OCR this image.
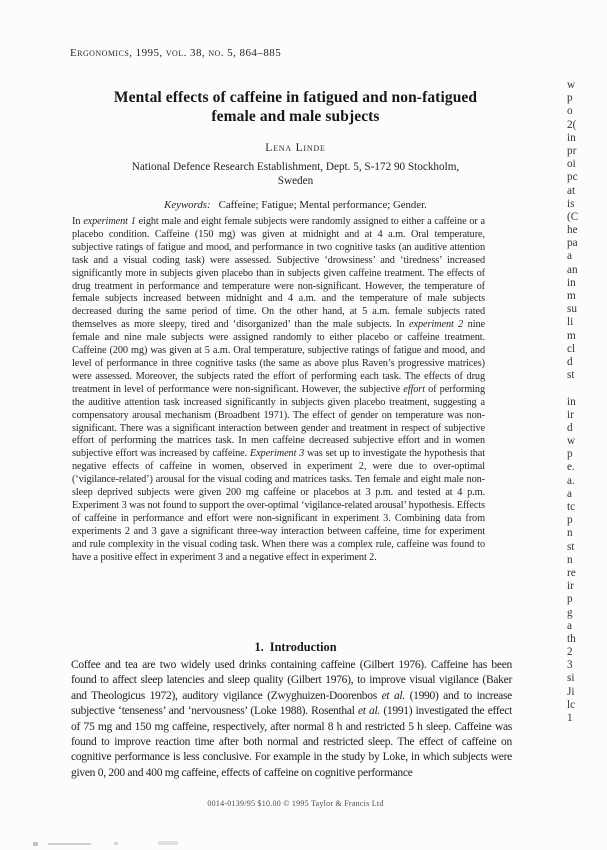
Ergonomics, 1995, vol. 38, no. 5, 864–885
Mental effects of caffeine in fatigued and non-fatigued
female and male subjects
Lena Linde
National Defence Research Establishment, Dept. 5, S-172 90 Stockholm,
Sweden
Keywords:   Caffeine; Fatigue; Mental performance; Gender.
In experiment 1 eight male and eight female subjects were randomly assigned to either a caffeine or a placebo condition. Caffeine (150 mg) was given at midnight and at 4 a.m. Oral temperature, subjective ratings of fatigue and mood, and performance in two cognitive tasks (an auditive attention task and a visual coding task) were assessed. Subjective ‘drowsiness’ and ‘tiredness’ increased significantly more in subjects given placebo than in subjects given caffeine treatment. The effects of drug treatment in performance and temperature were non-significant. However, the temperature of female subjects increased between midnight and 4 a.m. and the temperature of male subjects decreased during the same period of time. On the other hand, at 5 a.m. female subjects rated themselves as more sleepy, tired and ‘disorganized’ than the male subjects. In experiment 2 nine female and nine male subjects were assigned randomly to either placebo or caffeine treatment. Caffeine (200 mg) was given at 5 a.m. Oral temperature, subjective ratings of fatigue and mood, and level of performance in three cognitive tasks (the same as above plus Raven’s progressive matrices) were assessed. Moreover, the subjects rated the effort of performing each task. The effects of drug treatment in level of performance were non-significant. However, the subjective effort of performing the auditive attention task increased significantly in subjects given placebo treatment, suggesting a compensatory arousal mechanism (Broadbent 1971). The effect of gender on temperature was non-significant. There was a significant interaction between gender and treatment in respect of subjective effort of performing the matrices task. In men caffeine decreased subjective effort and in women subjective effort was increased by caffeine. Experiment 3 was set up to investigate the hypothesis that negative effects of caffeine in women, observed in experiment 2, were due to over-optimal (‘vigilance-related’) arousal for the visual coding and matrices tasks. Ten female and eight male non-sleep deprived subjects were given 200 mg caffeine or placebos at 3 p.m. and tested at 4 p.m. Experiment 3 was not found to support the over-optimal ‘vigilance-related arousal’ hypothesis. Effects of caffeine in performance and effort were non-significant in experiment 3. Combining data from experiments 2 and 3 gave a significant three-way interaction between caffeine, time for experiment and rule complexity in the visual coding task. When there was a complex rule, caffeine was found to have a positive effect in experiment 3 and a negative effect in experiment 2.
1.  Introduction
Coffee and tea are two widely used drinks containing caffeine (Gilbert 1976). Caffeine has been found to affect sleep latencies and sleep quality (Gilbert 1976), to improve visual vigilance (Baker and Theologicus 1972), auditory vigilance (Zwyghuizen-Doorenbos et al. (1990) and to increase subjective ‘tenseness’ and ‘nervousness’ (Loke 1988). Rosenthal et al. (1991) investigated the effect of 75 mg and 150 mg caffeine, respectively, after normal 8 h and restricted 5 h sleep. Caffeine was found to improve reaction time after both normal and restricted sleep. The effect of caffeine on cognitive performance is less conclusive. For example in the study by Loke, in which subjects were given 0, 200 and 400 mg caffeine, effects of caffeine on cognitive performance
0014-0139/95 $10.00 © 1995 Taylor & Francis Ltd
w
p
o
2(
in
pr
oi
pc
at
is
(C
he
pa
a
an
in
m
su
li
m
cl
d
st
in
ir
d
w
p
e.
a.
a
tc
p
n
st
n
re
ir
p
g
a
th
2
3
si
Ji
lc
1
